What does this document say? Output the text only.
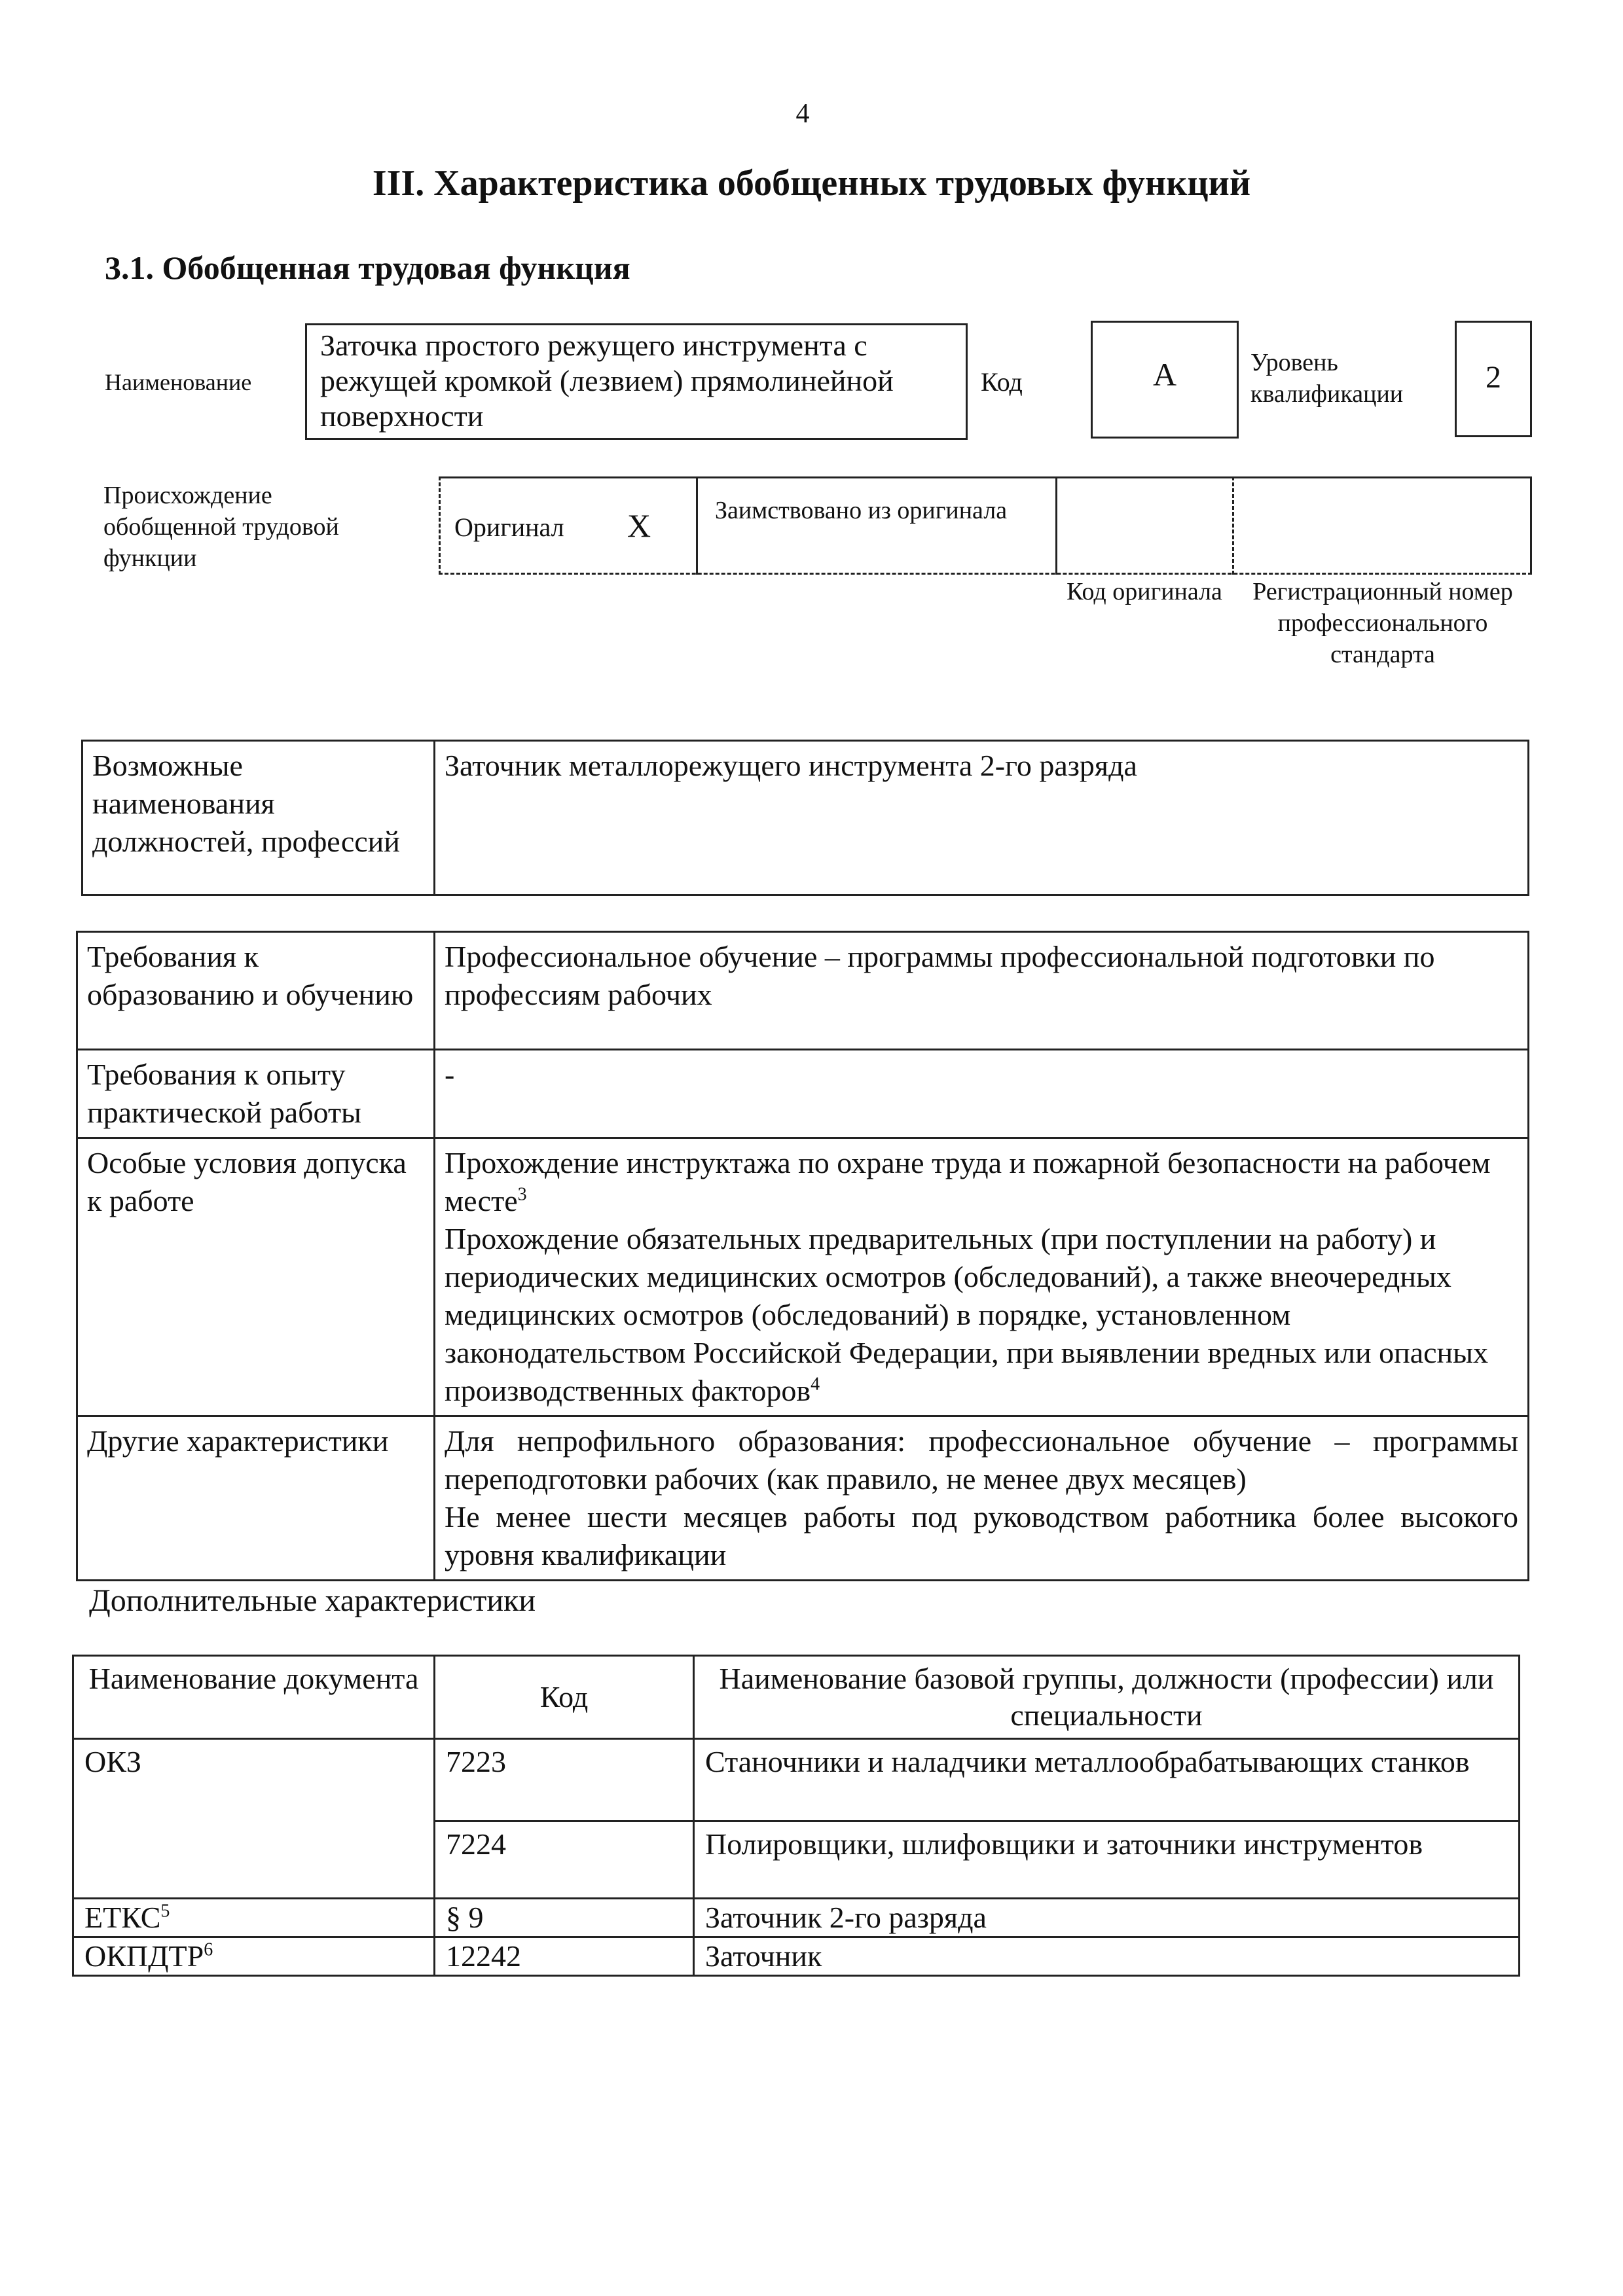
4
III. Характеристика обобщенных трудовых функций
3.1. Обобщенная трудовая функция
Наименование
Заточка простого режущего инструмента с режущей кромкой (лезвием) прямолинейной поверхности
Код	A	Уровень квалификации	2
Происхождение обобщенной трудовой функции
Оригинал X	Заимствовано из оригинала
Код оригинала	Регистрационный номер профессионального стандарта
Возможные наименования должностей, профессий	Заточник металлорежущего инструмента 2-го разряда
Требования к образованию и обучению	Профессиональное обучение – программы профессиональной подготовки по профессиям рабочих
Требования к опыту практической работы	-
Особые условия допуска к работе	Прохождение инструктажа по охране труда и пожарной безопасности на рабочем месте$^3$
Прохождение обязательных предварительных (при поступлении на работу) и периодических медицинских осмотров (обследований), а также внеочередных медицинских осмотров (обследований) в порядке, установленном законодательством Российской Федерации, при выявлении вредных или опасных производственных факторов$^4$
Другие характеристики	Для непрофильного образования: профессиональное обучение – программы переподготовки рабочих (как правило, не менее двух месяцев)
Не менее шести месяцев работы под руководством работника более высокого уровня квалификации
Дополнительные характеристики
Наименование документа	Код	Наименование базовой группы, должности (профессии) или специальности
ОКЗ	7223	Станочники и наладчики металлообрабатывающих станков
	7224	Полировщики, шлифовщики и заточники инструментов
ЕТКС$^5$	§ 9	Заточник 2-го разряда
ОКПДТР$^6$	12242	Заточник
